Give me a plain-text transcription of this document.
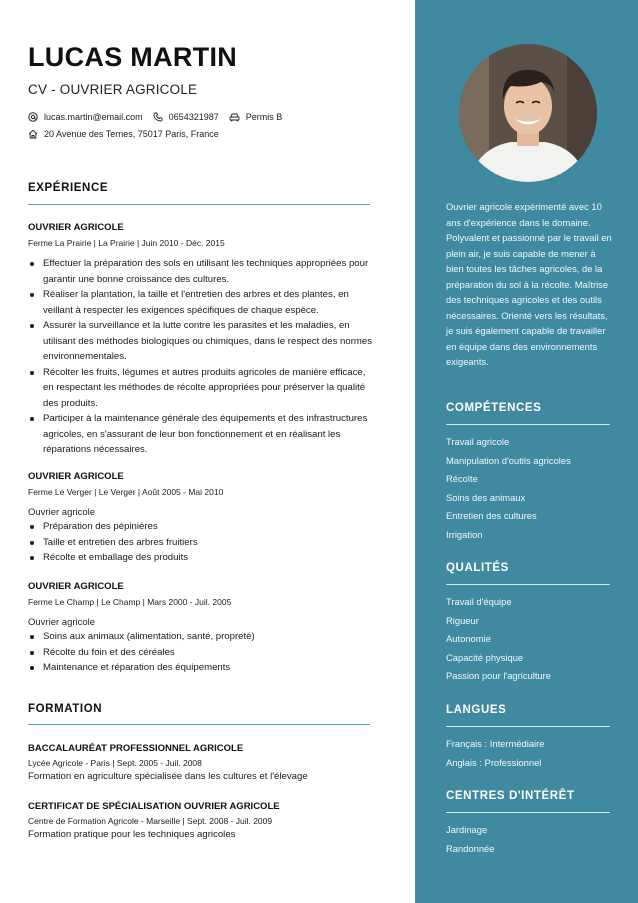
LUCAS MARTIN
CV - OUVRIER AGRICOLE
lucas.martin@email.com	0654321987	Permis B
20 Avenue des Ternes, 75017 Paris, France
EXPÉRIENCE
OUVRIER AGRICOLE
Ferme La Prairie | La Prairie | Juin 2010 - Déc. 2015
Effectuer la préparation des sols en utilisant les techniques appropriées pour garantir une bonne croissance des cultures.
Réaliser la plantation, la taille et l'entretien des arbres et des plantes, en veillant à respecter les exigences spécifiques de chaque espèce.
Assurer la surveillance et la lutte contre les parasites et les maladies, en utilisant des méthodes biologiques ou chimiques, dans le respect des normes environnementales.
Récolter les fruits, légumes et autres produits agricoles de manière efficace, en respectant les méthodes de récolte appropriées pour préserver la qualité des produits.
Participer à la maintenance générale des équipements et des infrastructures agricoles, en s'assurant de leur bon fonctionnement et en réalisant les réparations nécessaires.
OUVRIER AGRICOLE
Ferme Le Verger | Le Verger | Août 2005 - Mai 2010
Ouvrier agricole
Préparation des pépinières
Taille et entretien des arbres fruitiers
Récolte et emballage des produits
OUVRIER AGRICOLE
Ferme Le Champ | Le Champ | Mars 2000 - Juil. 2005
Ouvrier agricole
Soins aux animaux (alimentation, santé, propreté)
Récolte du foin et des céréales
Maintenance et réparation des équipements
FORMATION
BACCALAURÉAT PROFESSIONNEL AGRICOLE
Lycée Agricole - Paris | Sept. 2005 - Juil. 2008
Formation en agriculture spécialisée dans les cultures et l'élevage
CERTIFICAT DE SPÉCIALISATION OUVRIER AGRICOLE
Centre de Formation Agricole - Marseille | Sept. 2008 - Juil. 2009
Formation pratique pour les techniques agricoles
Ouvrier agricole expérimenté avec 10 ans d'expérience dans le domaine. Polyvalent et passionné par le travail en plein air, je suis capable de mener à bien toutes les tâches agricoles, de la préparation du sol à la récolte. Maîtrise des techniques agricoles et des outils nécessaires. Orienté vers les résultats, je suis également capable de travailler en équipe dans des environnements exigeants.
COMPÉTENCES
Travail agricole
Manipulation d'outils agricoles
Récolte
Soins des animaux
Entretien des cultures
Irrigation
QUALITÉS
Travail d'équipe
Rigueur
Autonomie
Capacité physique
Passion pour l'agriculture
LANGUES
Français : Intermédiaire
Anglais : Professionnel
CENTRES D'INTÉRÊT
Jardinage
Randonnée
